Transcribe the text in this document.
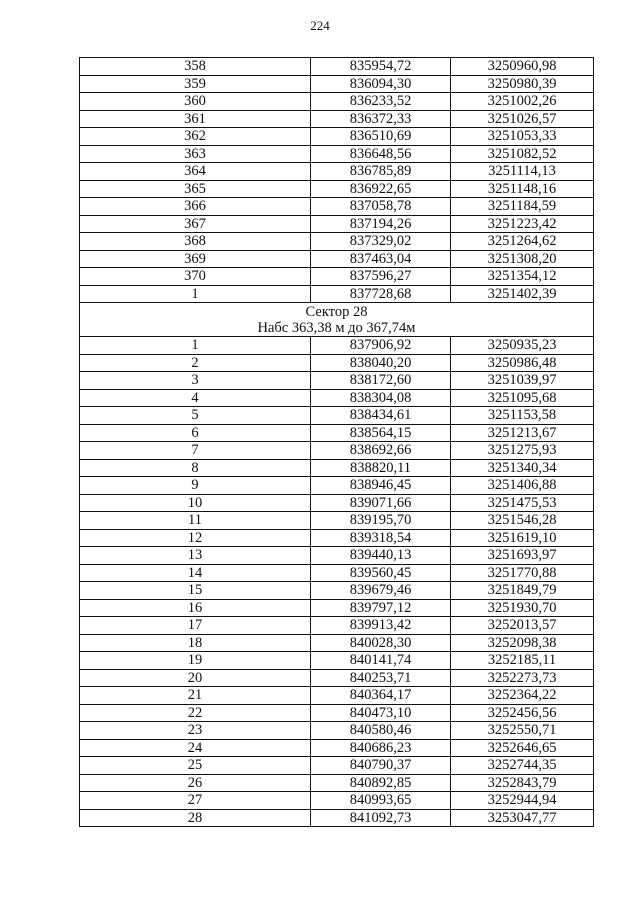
224
358	835954,72	3250960,98
359	836094,30	3250980,39
360	836233,52	3251002,26
361	836372,33	3251026,57
362	836510,69	3251053,33
363	836648,56	3251082,52
364	836785,89	3251114,13
365	836922,65	3251148,16
366	837058,78	3251184,59
367	837194,26	3251223,42
368	837329,02	3251264,62
369	837463,04	3251308,20
370	837596,27	3251354,12
1	837728,68	3251402,39

Сектор 28
Набс 363,38 м до 367,74м		

1	837906,92	3250935,23
2	838040,20	3250986,48
3	838172,60	3251039,97
4	838304,08	3251095,68
5	838434,61	3251153,58
6	838564,15	3251213,67
7	838692,66	3251275,93
8	838820,11	3251340,34
9	838946,45	3251406,88
10	839071,66	3251475,53
11	839195,70	3251546,28
12	839318,54	3251619,10
13	839440,13	3251693,97
14	839560,45	3251770,88
15	839679,46	3251849,79
16	839797,12	3251930,70
17	839913,42	3252013,57
18	840028,30	3252098,38
19	840141,74	3252185,11
20	840253,71	3252273,73
21	840364,17	3252364,22
22	840473,10	3252456,56
23	840580,46	3252550,71
24	840686,23	3252646,65
25	840790,37	3252744,35
26	840892,85	3252843,79
27	840993,65	3252944,94
28	841092,73	3253047,77
